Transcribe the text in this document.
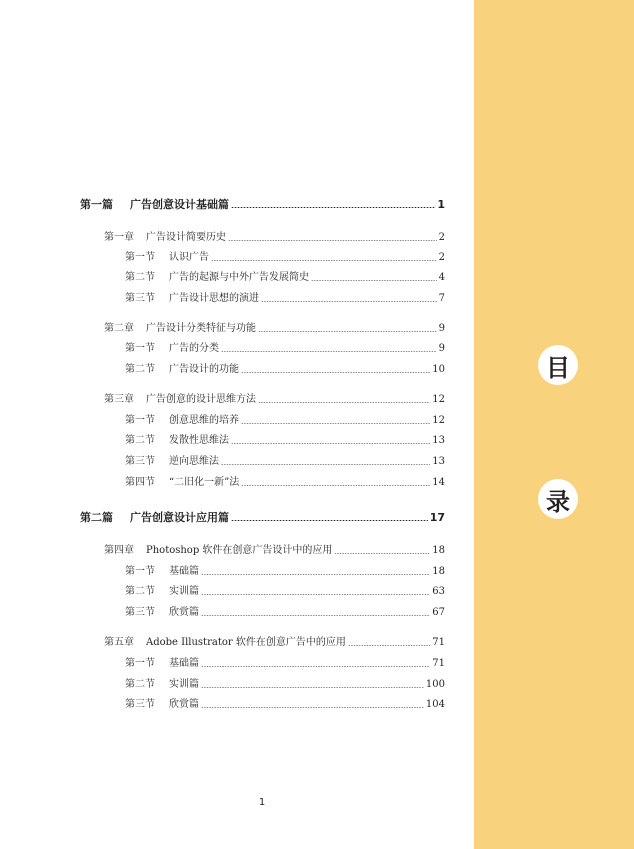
目
录
第一篇	广告创意设计基础篇	1
第一章	广告设计简要历史	2
第一节	认识广告	2
第二节	广告的起源与中外广告发展简史	4
第三节	广告设计思想的演进	7
第二章	广告设计分类特征与功能	9
第一节	广告的分类	9
第二节	广告设计的功能	10
第三章	广告创意的设计思维方法	12
第一节	创意思维的培养	12
第二节	发散性思维法	13
第三节	逆向思维法	13
第四节	“二旧化一新”法	14
第二篇	广告创意设计应用篇	17
第四章	Photoshop 软件在创意广告设计中的应用	18
第一节	基础篇	18
第二节	实训篇	63
第三节	欣赏篇	67
第五章	Adobe Illustrator 软件在创意广告中的应用	71
第一节	基础篇	71
第二节	实训篇	100
第三节	欣赏篇	104
1
